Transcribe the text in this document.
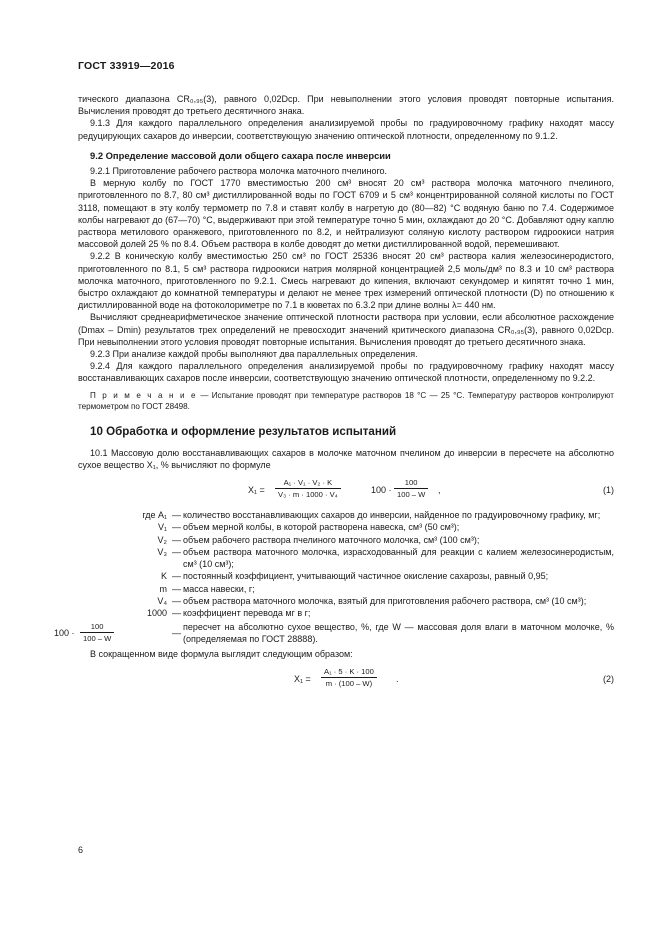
ГОСТ 33919—2016

тического диапазона CR₀,₉₅(3), равного 0,02Dср. При невыполнении этого условия проводят повторные испытания. Вычисления проводят до третьего десятичного знака.

9.1.3 Для каждого параллельного определения анализируемой пробы по градуировочному графику находят массу редуцирующих сахаров до инверсии, соответствующую значению оптической плотности, определенному по 9.1.2.

9.2 Определение массовой доли общего сахара после инверсии

9.2.1 Приготовление рабочего раствора молочка маточного пчелиного.

В мерную колбу по ГОСТ 1770 вместимостью 200 см³ вносят 20 см³ раствора молочка маточного пчелиного, приготовленного по 8.7, 80 см³ дистиллированной воды по ГОСТ 6709 и 5 см³ концентрированной соляной кислоты по ГОСТ 3118, помещают в эту колбу термометр по 7.8 и ставят колбу в нагретую до (80—82) °С водяную баню по 7.4. Содержимое колбы нагревают до (67—70) °С, выдерживают при этой температуре точно 5 мин, охлаждают до 20 °С. Добавляют одну каплю раствора метилового оранжевого, приготовленного по 8.2, и нейтрализуют соляную кислоту раствором гидроокиси натрия массовой долей 25 % по 8.4. Объем раствора в колбе доводят до метки дистиллированной водой, перемешивают.

9.2.2 В коническую колбу вместимостью 250 см³ по ГОСТ 25336 вносят 20 см³ раствора калия железосинеродистого, приготовленного по 8.1, 5 см³ раствора гидроокиси натрия молярной концентрацией 2,5 моль/дм³ по 8.3 и 10 см³ раствора молочка маточного, приготовленного по 9.2.1. Смесь нагревают до кипения, включают секундомер и кипятят точно 1 мин, быстро охлаждают до комнатной температуры и делают не менее трех измерений оптической плотности (D) по отношению к дистиллированной воде на фотоколориметре по 7.1 в кюветах по 6.3.2 при длине волны λ= 440 нм.

Вычисляют среднеарифметическое значение оптической плотности раствора при условии, если абсолютное расхождение (Dmax – Dmin) результатов трех определений не превосходит значений критического диапазона CR₀,₉₅(3), равного 0,02Dср. При невыполнении этого условия проводят повторные испытания. Вычисления проводят до третьего десятичного знака.

9.2.3 При анализе каждой пробы выполняют два параллельных определения.

9.2.4 Для каждого параллельного определения анализируемой пробы по градуировочному графику находят массу восстанавливающих сахаров после инверсии, соответствующую значению оптической плотности, определенному по 9.2.2.

П р и м е ч а н и е — Испытание проводят при температуре растворов 18 °С — 25 °С. Температуру растворов контролируют термометром по ГОСТ 28498.

10 Обработка и оформление результатов испытаний

10.1 Массовую долю восстанавливающих сахаров в молочке маточном пчелином до инверсии в пересчете на абсолютно сухое вещество X₁, % вычисляют по формуле

$X_1 = \frac{\text{A₁ · V₁ · V₂ · K}}{\text{V₃ · m · 1000 · V₄}}$	$100 \cdot \frac{100}{100 - W}$ ,	(1)
где A₁ — количество восстанавливающих сахаров до инверсии, найденное по градуировочному графику, мг;
V₁ — объем мерной колбы, в которой растворена навеска, см³ (50 см³);
V₂ — объем рабочего раствора пчелиного маточного молочка, см³ (100 см³);
V₃ — объем раствора маточного молочка, израсходованный для реакции с калием железосинеродистым, см³ (10 см³);
K — постоянный коэффициент, учитывающий частичное окисление сахарозы, равный 0,95;
m — масса навески, г;
V₄ — объем раствора маточного молочка, взятый для приготовления рабочего раствора, см³ (10 см³);
1000 — коэффициент перевода мг в г;
$100 \cdot \frac{100}{100 - W}$	—
пересчет на абсолютно сухое вещество, %, где W — массовая доля влаги в маточном молочке, % (определяемая по ГОСТ 28888).

В сокращенном виде формула выглядит следующим образом:

$X_1 = \frac{\text{A₁ · 5 · K · 100}}{m \cdot (100 - W)}$ .	(2)
6
